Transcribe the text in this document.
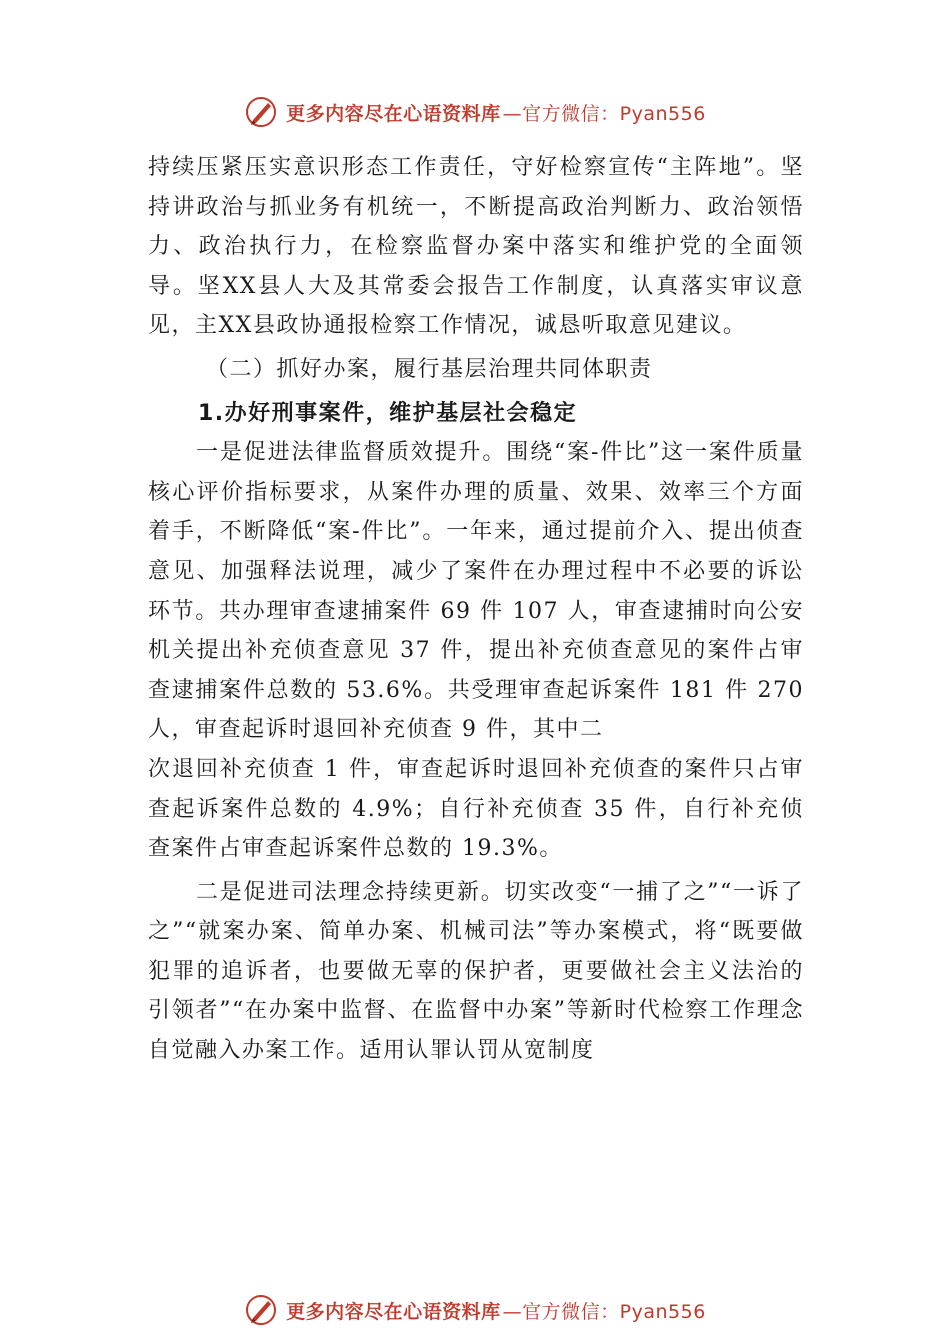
更多内容尽在心语资料库 —官方微信：Pyan556

持续压紧压实意识形态工作责任，守好检察宣传“主阵地”。坚持讲政治与抓业务有机统一，不断提高政治判断力、政治领悟力、政治执行力，在检察监督办案中落实和维护党的全面领导。坚XX县人大及其常委会报告工作制度，认真落实审议意见，主XX县政协通报检察工作情况，诚恳听取意见建议。

（二）抓好办案，履行基层治理共同体职责

1.办好刑事案件，维护基层社会稳定

一是促进法律监督质效提升。围绕“案-件比”这一案件质量核心评价指标要求，从案件办理的质量、效果、效率三个方面着手，不断降低“案-件比”。一年来，通过提前介入、提出侦查意见、加强释法说理，减少了案件在办理过程中不必要的诉讼环节。共办理审查逮捕案件 69 件 107 人，审查逮捕时向公安机关提出补充侦查意见 37 件，提出补充侦查意见的案件占审查逮捕案件总数的 53.6%。共受理审查起诉案件 181 件 270 人，审查起诉时退回补充侦查 9 件，其中二

次退回补充侦查 1 件，审查起诉时退回补充侦查的案件只占审查起诉案件总数的 4.9%；自行补充侦查 35 件，自行补充侦查案件占审查起诉案件总数的 19.3%。

二是促进司法理念持续更新。切实改变“一捕了之”“一诉了之”“就案办案、简单办案、机械司法”等办案模式，将“既要做犯罪的追诉者，也要做无辜的保护者，更要做社会主义法治的引领者”“在办案中监督、在监督中办案”等新时代检察工作理念自觉融入办案工作。适用认罪认罚从宽制度

更多内容尽在心语资料库 —官方微信：Pyan556
